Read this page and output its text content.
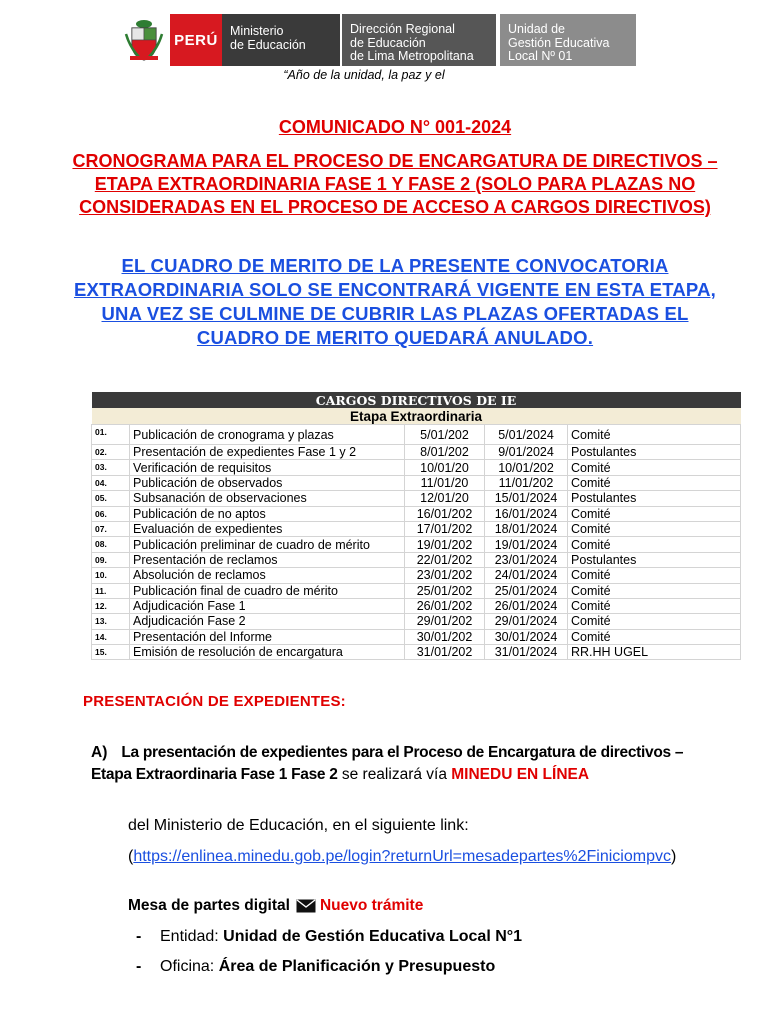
PERÚ
Ministerio
de Educación
Dirección Regional
de Educación
de Lima Metropolitana
Unidad de
Gestión Educativa
Local Nº 01
“Año de la unidad, la paz y el
COMUNICADO N° 001-2024
CRONOGRAMA PARA EL PROCESO DE ENCARGATURA DE DIRECTIVOS – ETAPA EXTRAORDINARIA FASE 1 Y FASE 2 (SOLO PARA PLAZAS NO CONSIDERADAS EN EL PROCESO DE ACCESO A CARGOS DIRECTIVOS)
EL CUADRO DE MERITO DE LA PRESENTE CONVOCATORIA EXTRAORDINARIA SOLO SE ENCONTRARÁ VIGENTE EN ESTA ETAPA, UNA VEZ SE CULMINE DE CUBRIR LAS PLAZAS OFERTADAS EL CUADRO DE MERITO QUEDARÁ ANULADO.
CARGOS DIRECTIVOS DE IE				
Etapa Extraordinaria				
01.	Publicación de cronograma y plazas	5/01/202	5/01/2024	Comité
02.	Presentación de expedientes Fase 1 y 2	8/01/202	9/01/2024	Postulantes
03.	Verificación de requisitos	10/01/20	10/01/202	Comité
04.	Publicación de observados	11/01/20	11/01/202	Comité
05.	Subsanación de observaciones	12/01/20	15/01/2024	Postulantes
06.	Publicación de no aptos	16/01/202	16/01/2024	Comité
07.	Evaluación de expedientes	17/01/202	18/01/2024	Comité
08.	Publicación preliminar de cuadro de mérito	19/01/202	19/01/2024	Comité
09.	Presentación de reclamos	22/01/202	23/01/2024	Postulantes
10.	Absolución de reclamos	23/01/202	24/01/2024	Comité
11.	Publicación final de cuadro de mérito	25/01/202	25/01/2024	Comité
12.	Adjudicación Fase 1	26/01/202	26/01/2024	Comité
13.	Adjudicación Fase 2	29/01/202	29/01/2024	Comité
14.	Presentación del Informe	30/01/202	30/01/2024	Comité
15.	Emisión de resolución de encargatura	31/01/202	31/01/2024	RR.HH UGEL
PRESENTACIÓN DE EXPEDIENTES:
A) La presentación de expedientes para el Proceso de Encargatura de directivos – Etapa Extraordinaria Fase 1 Fase 2 se realizará vía MINEDU EN LÍNEA
del Ministerio de Educación, en el siguiente link:
(https://enlinea.minedu.gob.pe/login?returnUrl=mesadepartes%2Finiciompvc)
Mesa de partes digital Nuevo trámite
- Entidad: Unidad de Gestión Educativa Local N°1
- Oficina: Área de Planificación y Presupuesto
